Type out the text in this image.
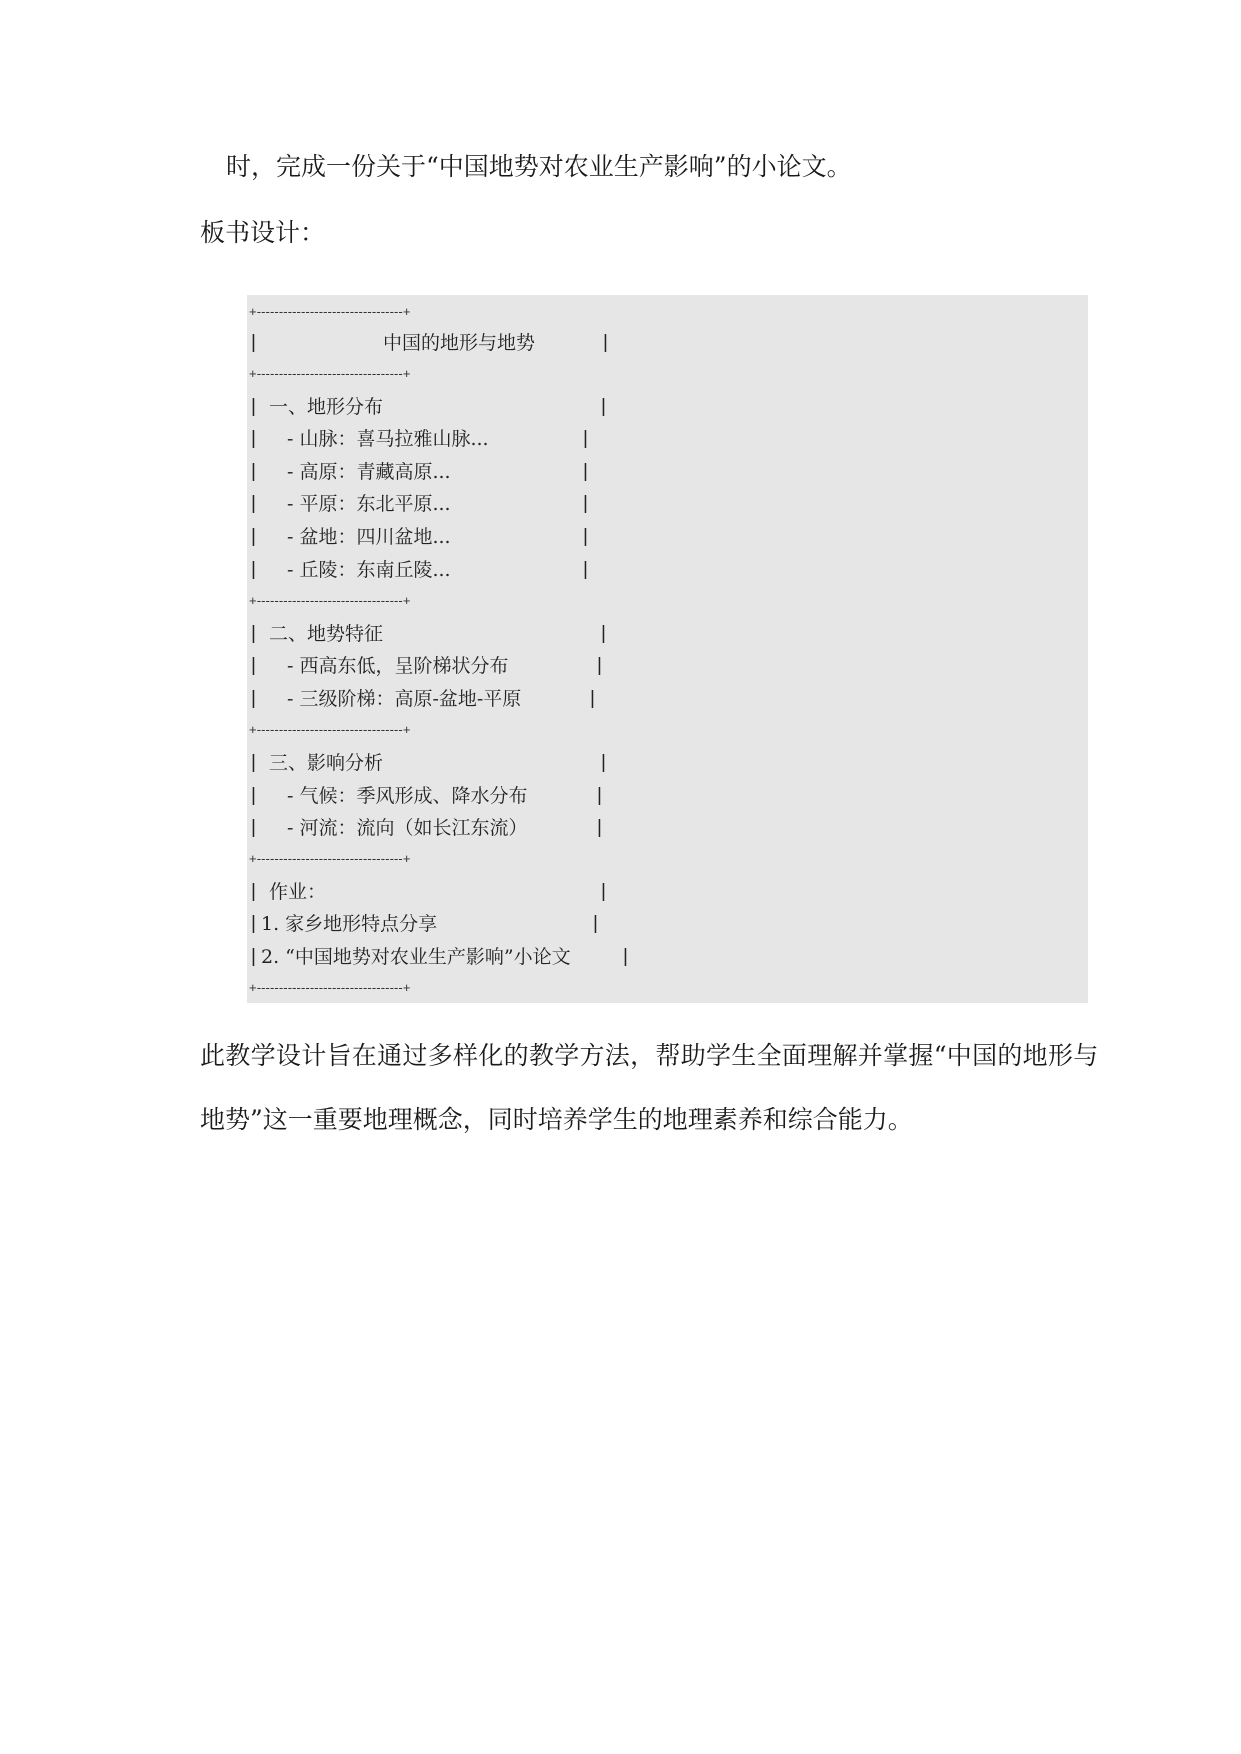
时，完成一份关于“中国地势对农业生产影响”的小论文。

板书设计：

+---------------------------------+
|	中国的地形与地势	|
+---------------------------------+
| 一、地形分布	|
| - 山脉：喜马拉雅山脉...	|
| - 高原：青藏高原...	|
| - 平原：东北平原...	|
| - 盆地：四川盆地...	|
| - 丘陵：东南丘陵...	|
+---------------------------------+
| 二、地势特征	|
| - 西高东低，呈阶梯状分布	|
| - 三级阶梯：高原-盆地-平原	|
+---------------------------------+
| 三、影响分析	|
| - 气候：季风形成、降水分布	|
| - 河流：流向（如长江东流）	|
+---------------------------------+
| 作业：	|
| 1. 家乡地形特点分享	|
| 2. “中国地势对农业生产影响”小论文	|
+---------------------------------+

此教学设计旨在通过多样化的教学方法，帮助学生全面理解并掌握“中国的地形与

地势”这一重要地理概念，同时培养学生的地理素养和综合能力。
